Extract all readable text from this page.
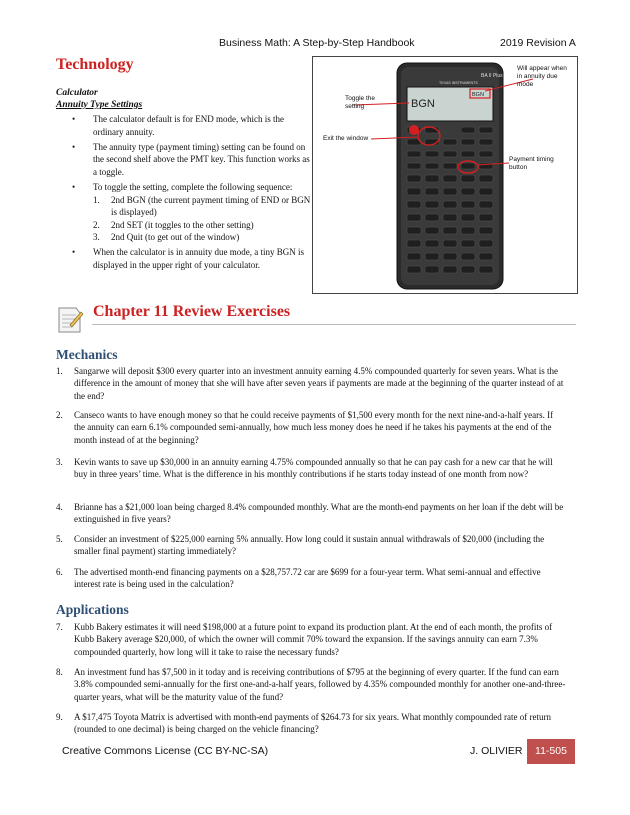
Business Math: A Step-by-Step Handbook	2019 Revision A
Technology
Calculator
Annuity Type Settings
• The calculator default is for END mode, which is the ordinary annuity.
• The annuity type (payment timing) setting can be found on the second shelf above the PMT key. This function works as a toggle.
• To toggle the setting, complete the following sequence:
1. 2nd BGN (the current payment timing of END or BGN is displayed)
2. 2nd SET (it toggles to the other setting)
3. 2nd Quit (to get out of the window)
• When the calculator is in annuity due mode, a tiny BGN is displayed in the upper right of your calculator.
BA II Plus
TEXAS INSTRUMENTS
BGN
BGN
Toggle the setting
Exit the window
Will appear when in annuity due mode
Payment timing button
Chapter 11 Review Exercises
Mechanics
1. Sangarwe will deposit $300 every quarter into an investment annuity earning 4.5% compounded quarterly for seven years. What is the difference in the amount of money that she will have after seven years if payments are made at the beginning of the quarter instead of at the end?
2. Canseco wants to have enough money so that he could receive payments of $1,500 every month for the next nine-and-a-half years. If the annuity can earn 6.1% compounded semi-annually, how much less money does he need if he takes his payments at the end of the month instead of at the beginning?
3. Kevin wants to save up $30,000 in an annuity earning 4.75% compounded annually so that he can pay cash for a new car that he will buy in three years’ time. What is the difference in his monthly contributions if he starts today instead of one month from now?
4. Brianne has a $21,000 loan being charged 8.4% compounded monthly. What are the month-end payments on her loan if the debt will be extinguished in five years?
5. Consider an investment of $225,000 earning 5% annually. How long could it sustain annual withdrawals of $20,000 (including the smaller final payment) starting immediately?
6. The advertised month-end financing payments on a $28,757.72 car are $699 for a four-year term. What semi-annual and effective interest rate is being used in the calculation?
Applications
7. Kubb Bakery estimates it will need $198,000 at a future point to expand its production plant. At the end of each month, the profits of Kubb Bakery average $20,000, of which the owner will commit 70% toward the expansion. If the savings annuity can earn 7.3% compounded quarterly, how long will it take to raise the necessary funds?
8. An investment fund has $7,500 in it today and is receiving contributions of $795 at the beginning of every quarter. If the fund can earn 3.8% compounded semi-annually for the first one-and-a-half years, followed by 4.35% compounded monthly for another one-and-three-quarter years, what will be the maturity value of the fund?
9. A $17,475 Toyota Matrix is advertised with month-end payments of $264.73 for six years. What monthly compounded rate of return (rounded to one decimal) is being charged on the vehicle financing?
Creative Commons License (CC BY-NC-SA)	J. OLIVIER	11-505
